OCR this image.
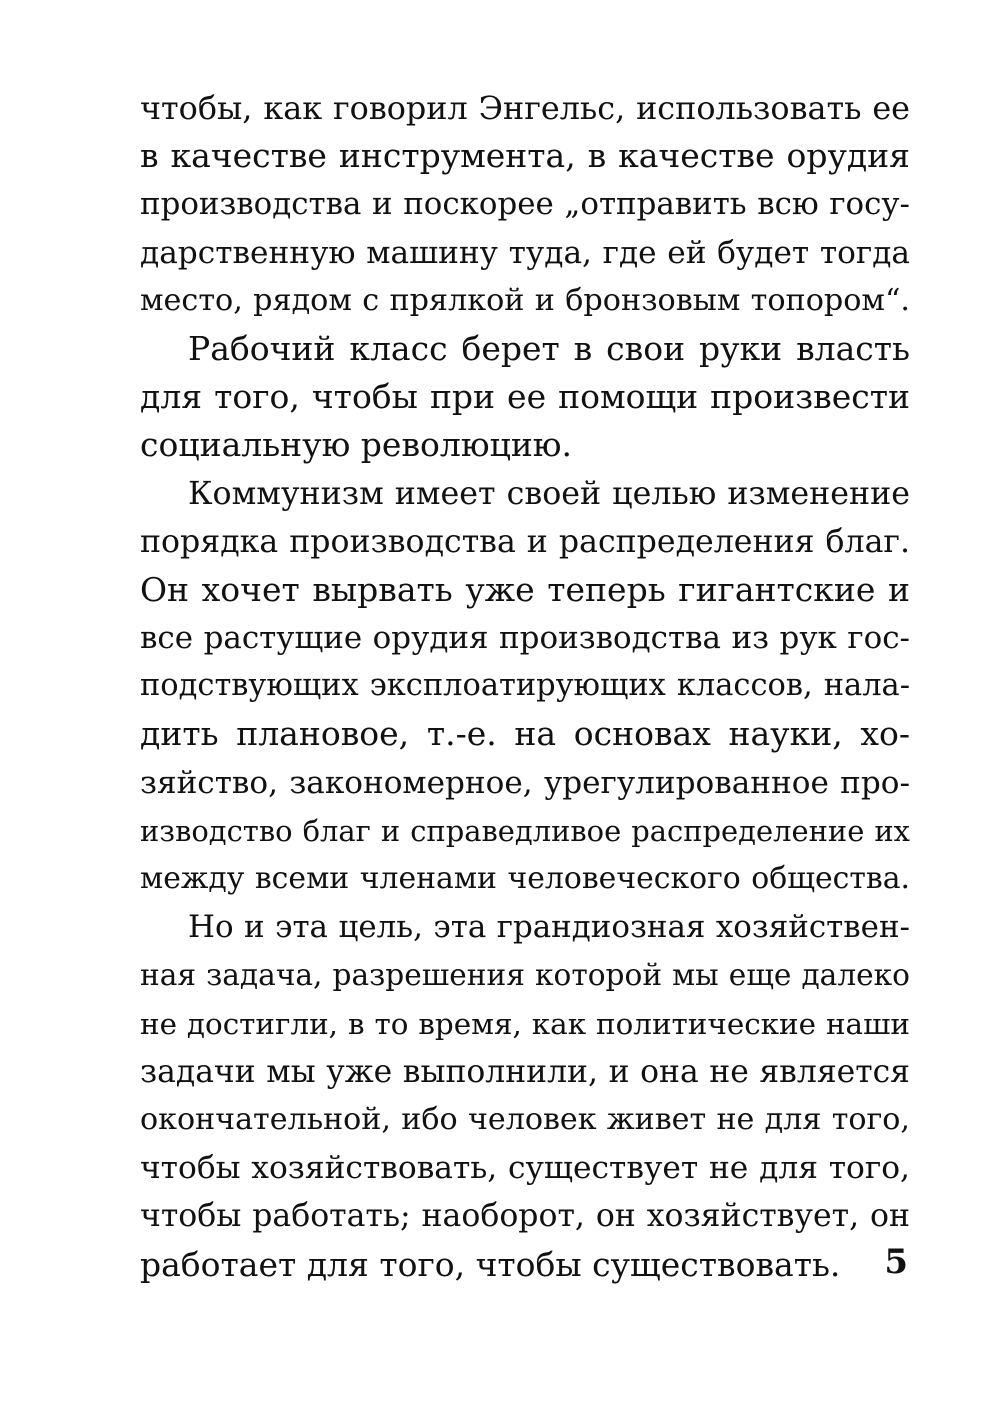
чтобы, как говорил Энгельс, использовать ее
в качестве инструмента, в качестве орудия
производства и поскорее „отправить всю госу-
дарственную машину туда, где ей будет тогда
место, рядом с прялкой и бронзовым топором“.
Рабочий класс берет в свои руки власть
для того, чтобы при ее помощи произвести
социальную революцию.
Коммунизм имеет своей целью изменение
порядка производства и распределения благ.
Он хочет вырвать уже теперь гигантские и
все растущие орудия производства из рук гос-
подствующих эксплоатирующих классов, нала-
дить плановое, т.-е. на основах науки, хо-
зяйство, закономерное, урегулированное про-
изводство благ и справедливое распределение их
между всеми членами человеческого общества.
Но и эта цель, эта грандиозная хозяйствен-
ная задача, разрешения которой мы еще далеко
не достигли, в то время, как политические наши
задачи мы уже выполнили, и она не является
окончательной, ибо человек живет не для того,
чтобы хозяйствовать, существует не для того,
чтобы работать; наоборот, он хозяйствует, он
работает для того, чтобы существовать.	5
